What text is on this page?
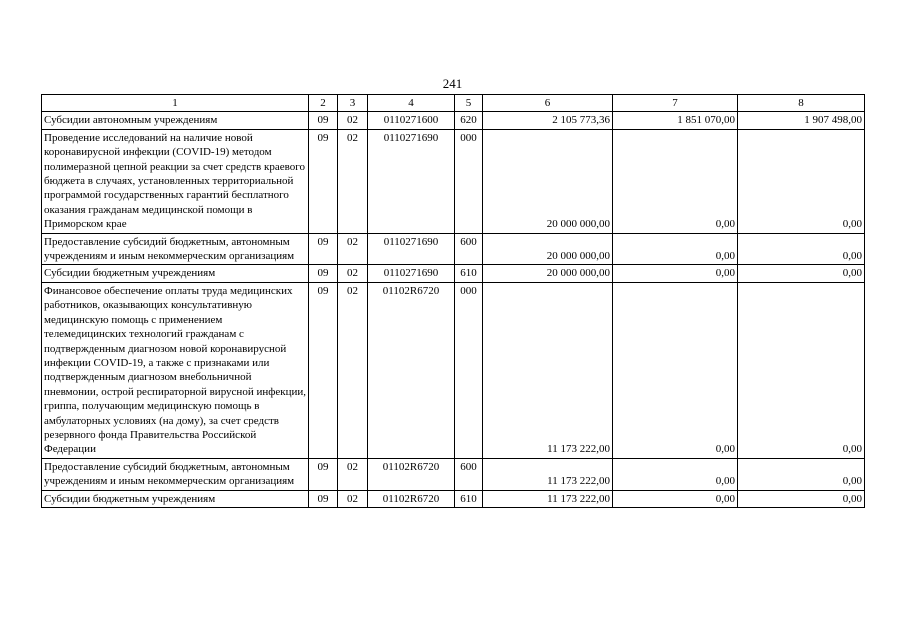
241
1	2	3	4	5	6	7	8
Субсидии автономным учреждениям	09	02	0110271600	620	2 105 773,36	1 851 070,00	1 907 498,00
Проведение исследований на наличие новой коронавирусной инфекции (COVID-19) методом полимеразной цепной реакции за счет средств краевого бюджета в случаях, установленных территориальной программой государственных гарантий бесплатного оказания гражданам медицинской помощи в Приморском крае	09	02	0110271690	000	20 000 000,00	0,00	0,00
Предоставление субсидий бюджетным, автономным учреждениям и иным некоммерческим организациям	09	02	0110271690	600	20 000 000,00	0,00	0,00
Субсидии бюджетным учреждениям	09	02	0110271690	610	20 000 000,00	0,00	0,00
Финансовое обеспечение оплаты труда медицинских работников, оказывающих консультативную медицинскую помощь с применением телемедицинских технологий гражданам с подтвержденным диагнозом новой коронавирусной инфекции COVID-19, а также с признаками или подтвержденным диагнозом внебольничной пневмонии, острой респираторной вирусной инфекции, гриппа, получающим медицинскую помощь в амбулаторных условиях (на дому), за счет средств резервного фонда Правительства Российской Федерации	09	02	01102R6720	000	11 173 222,00	0,00	0,00
Предоставление субсидий бюджетным, автономным учреждениям и иным некоммерческим организациям	09	02	01102R6720	600	11 173 222,00	0,00	0,00
Субсидии бюджетным учреждениям	09	02	01102R6720	610	11 173 222,00	0,00	0,00
